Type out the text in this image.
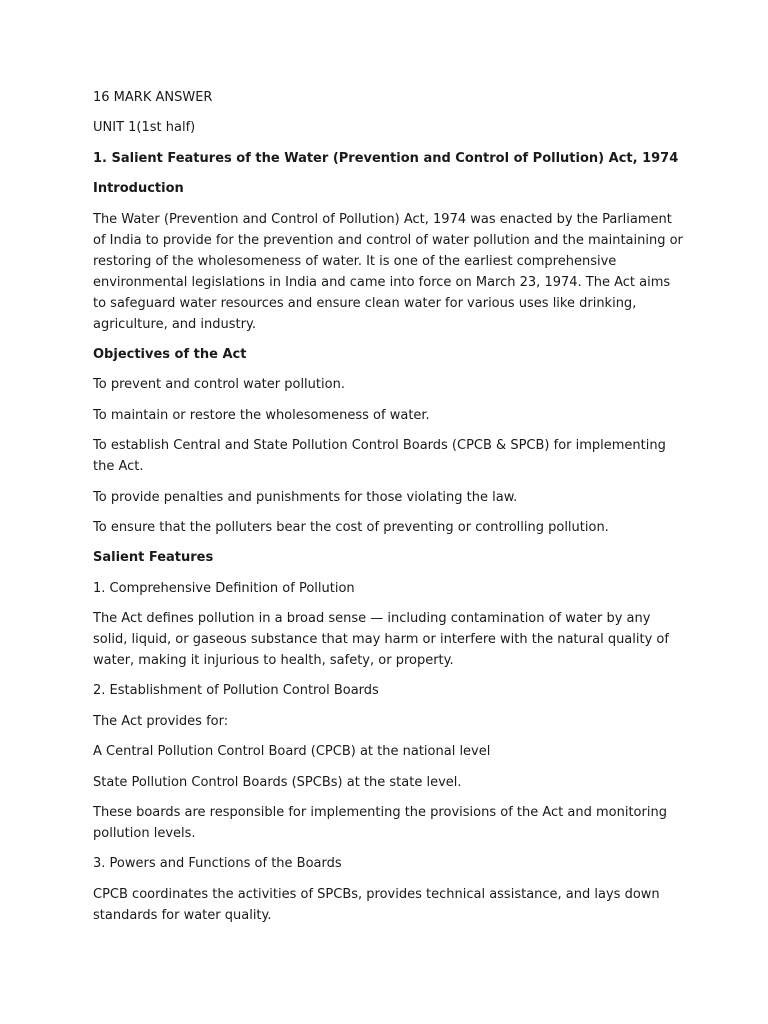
16 MARK ANSWER

UNIT 1(1st half)

1. Salient Features of the Water (Prevention and Control of Pollution) Act, 1974

Introduction

The Water (Prevention and Control of Pollution) Act, 1974 was enacted by the Parliament of India to provide for the prevention and control of water pollution and the maintaining or restoring of the wholesomeness of water. It is one of the earliest comprehensive environmental legislations in India and came into force on March 23, 1974. The Act aims to safeguard water resources and ensure clean water for various uses like drinking, agriculture, and industry.

Objectives of the Act

To prevent and control water pollution.

To maintain or restore the wholesomeness of water.

To establish Central and State Pollution Control Boards (CPCB & SPCB) for implementing the Act.

To provide penalties and punishments for those violating the law.

To ensure that the polluters bear the cost of preventing or controlling pollution.

Salient Features

1. Comprehensive Definition of Pollution

The Act defines pollution in a broad sense — including contamination of water by any solid, liquid, or gaseous substance that may harm or interfere with the natural quality of water, making it injurious to health, safety, or property.

2. Establishment of Pollution Control Boards

The Act provides for:

A Central Pollution Control Board (CPCB) at the national level

State Pollution Control Boards (SPCBs) at the state level.

These boards are responsible for implementing the provisions of the Act and monitoring pollution levels.

3. Powers and Functions of the Boards

CPCB coordinates the activities of SPCBs, provides technical assistance, and lays down standards for water quality.
